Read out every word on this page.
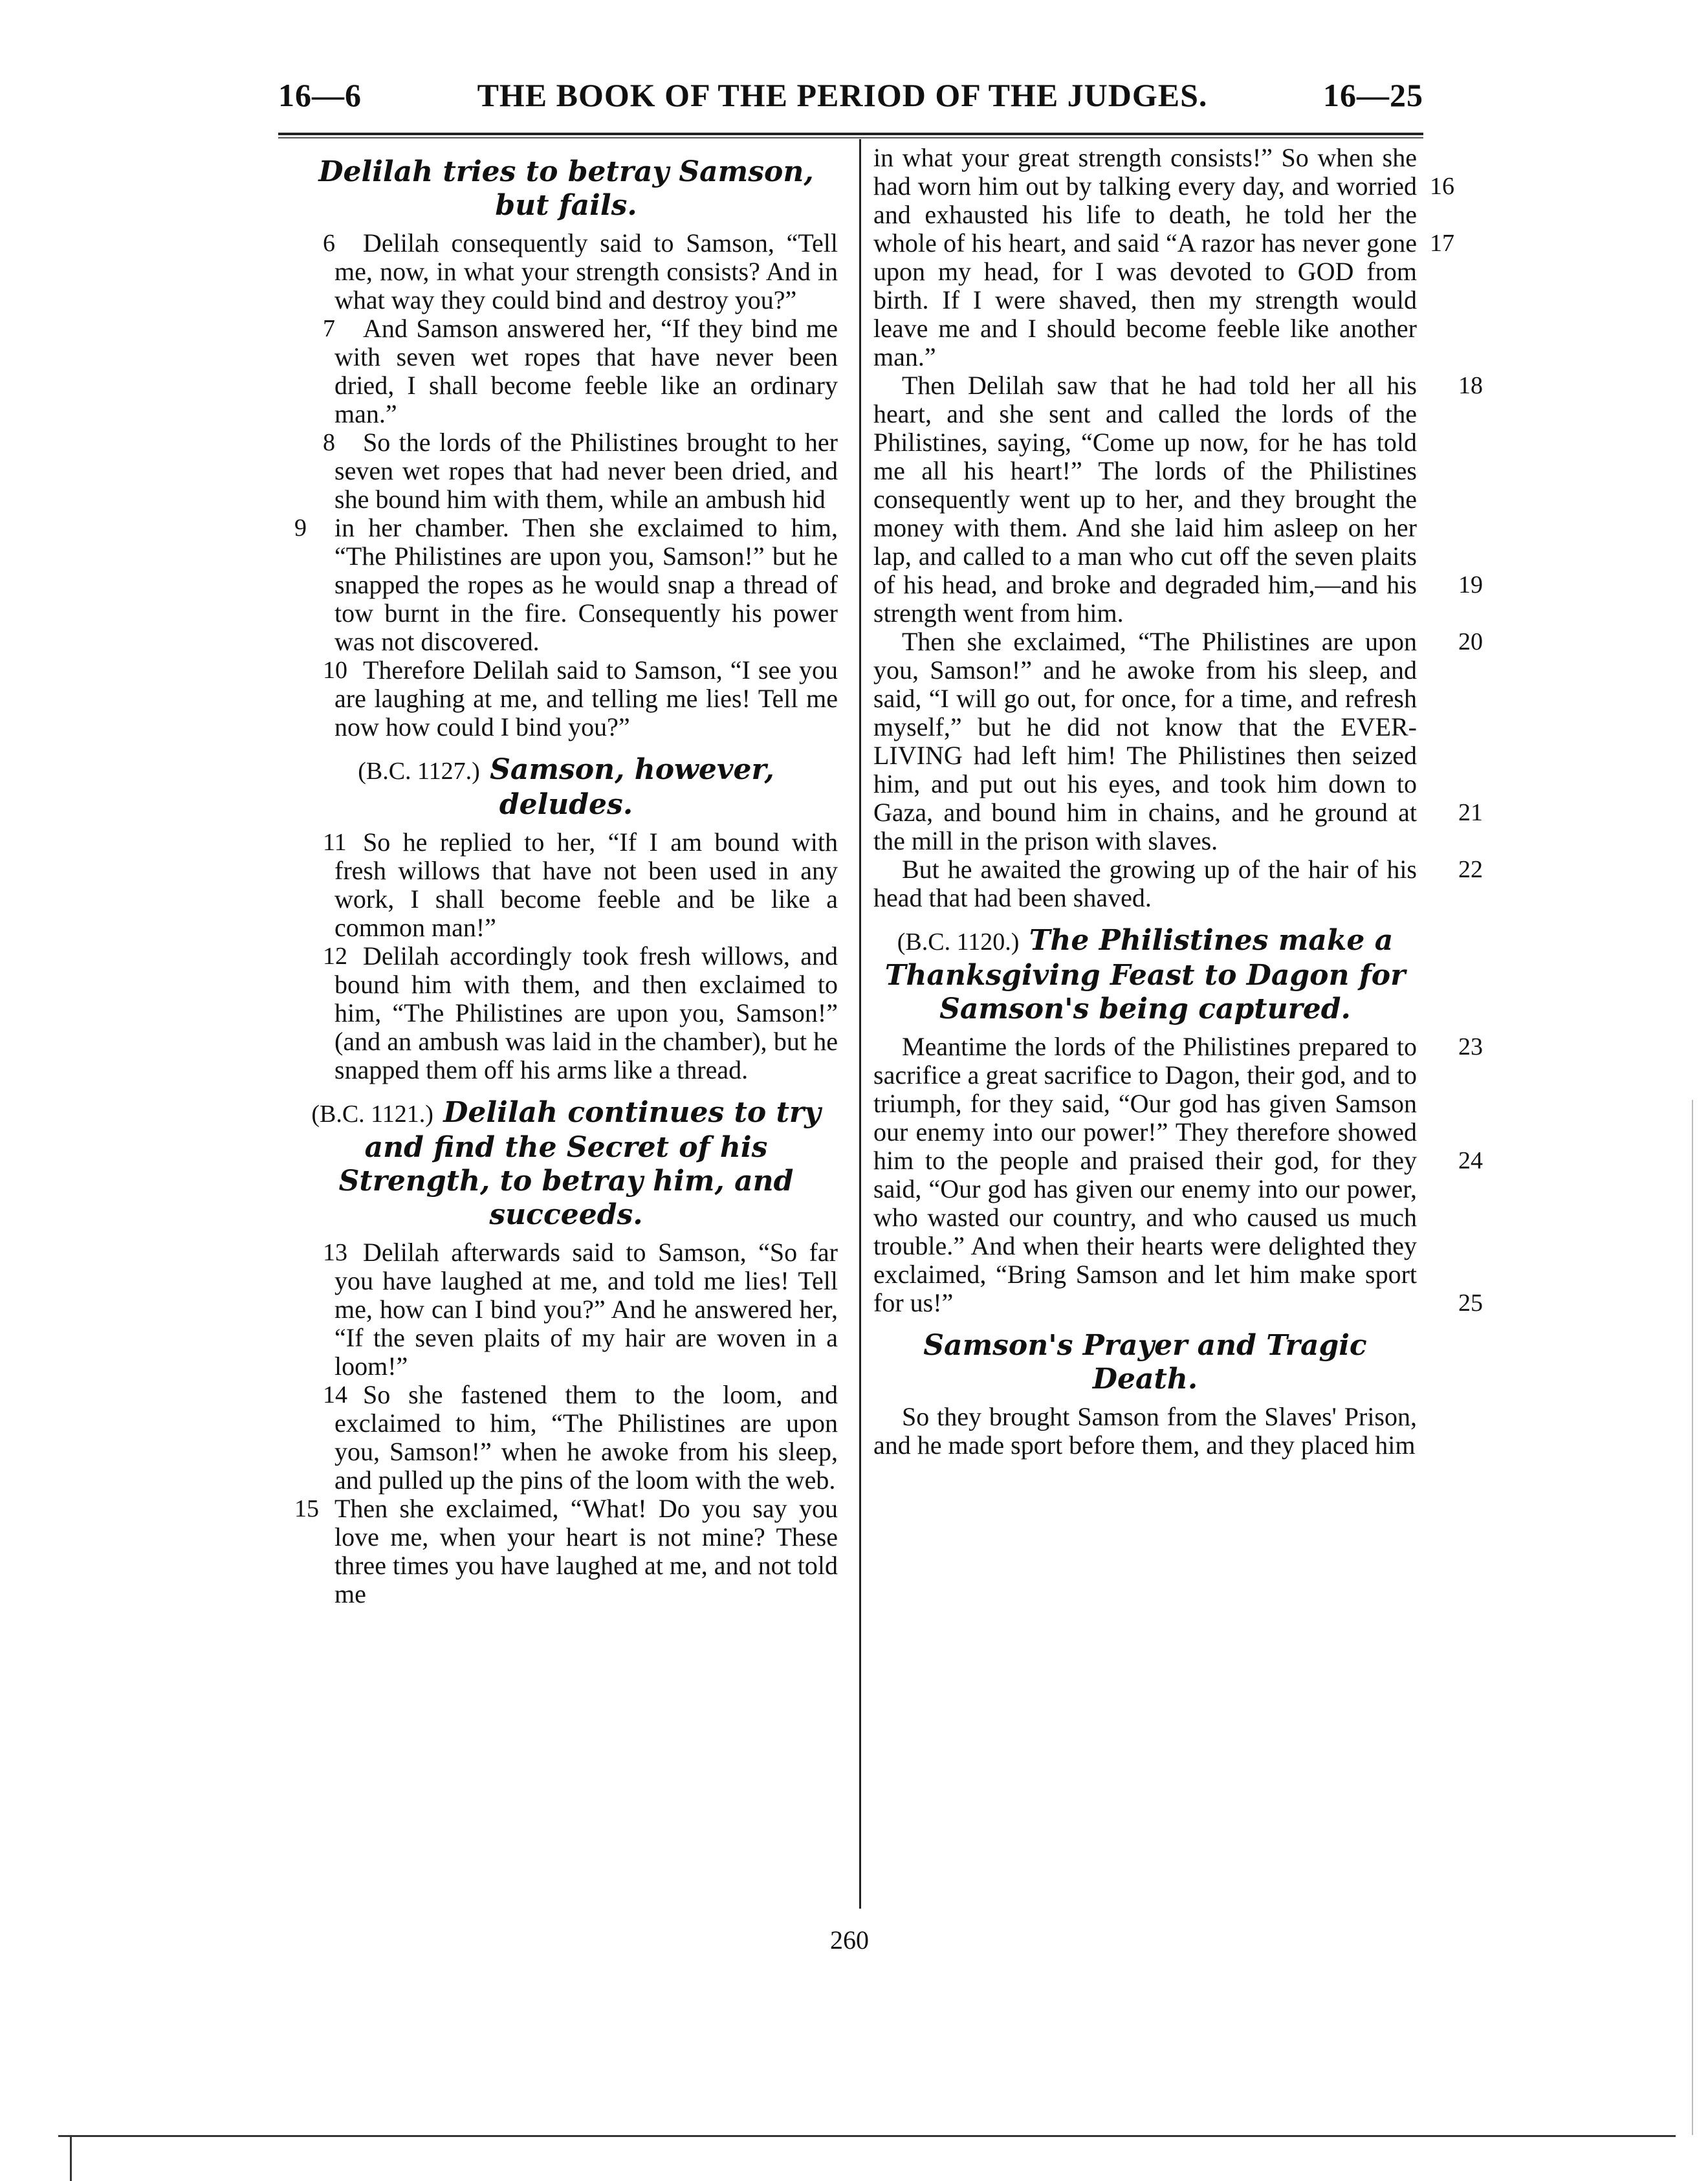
16—6	THE BOOK OF THE PERIOD OF THE JUDGES.	16—25
Delilah tries to betray Samson, but fails.

6 Delilah consequently said to Samson, “Tell me, now, in what your strength consists? And in what way they could bind and destroy you?”

7 And Samson answered her, “If they bind me with seven wet ropes that have never been dried, I shall become feeble like an ordinary man.”

8 So the lords of the Philistines brought to her seven wet ropes that had never been dried, and she bound him with them, while an ambush hid

9 in her chamber. Then she exclaimed to him, “The Philistines are upon you, Samson!” but he snapped the ropes as he would snap a thread of tow burnt in the fire. Consequently his power was not discovered.

10 Therefore Delilah said to Samson, “I see you are laughing at me, and telling me lies! Tell me now how could I bind you?”

(B.C. 1127.) Samson, however, deludes.

11 So he replied to her, “If I am bound with fresh willows that have not been used in any work, I shall become feeble and be like a common man!”

12 Delilah accordingly took fresh willows, and bound him with them, and then exclaimed to him, “The Philistines are upon you, Samson!” (and an ambush was laid in the chamber), but he snapped them off his arms like a thread.

(B.C. 1121.) Delilah continues to try and find the Secret of his Strength, to betray him, and succeeds.

13 Delilah afterwards said to Samson, “So far you have laughed at me, and told me lies! Tell me, how can I bind you?” And he answered her, “If the seven plaits of my hair are woven in a loom!”

14 So she fastened them to the loom, and exclaimed to him, “The Philistines are upon you, Samson!” when he awoke from his sleep, and pulled up the pins of the loom with the web.

15 Then she exclaimed, “What! Do you say you love me, when your heart is not mine? These three times you have laughed at me, and not told me

16
17
in what your great strength consists!” So when she had worn him out by talking every day, and worried and exhausted his life to death, he told her the whole of his heart, and said “A razor has never gone upon my head, for I was devoted to GOD from birth. If I were shaved, then my strength would leave me and I should become feeble like another man.”

18
19
Then Delilah saw that he had told her all his heart, and she sent and called the lords of the Philistines, saying, “Come up now, for he has told me all his heart!” The lords of the Philistines consequently went up to her, and they brought the money with them. And she laid him asleep on her lap, and called to a man who cut off the seven plaits of his head, and broke and degraded him,—and his strength went from him.

20
21
Then she exclaimed, “The Philistines are upon you, Samson!” and he awoke from his sleep, and said, “I will go out, for once, for a time, and refresh myself,” but he did not know that the EVER-LIVING had left him! The Philistines then seized him, and put out his eyes, and took him down to Gaza, and bound him in chains, and he ground at the mill in the prison with slaves.

22
But he awaited the growing up of the hair of his head that had been shaved.

(B.C. 1120.) The Philistines make a Thanksgiving Feast to Dagon for Samson's being captured.

23
24
25
Meantime the lords of the Philistines prepared to sacrifice a great sacrifice to Dagon, their god, and to triumph, for they said, “Our god has given Samson our enemy into our power!” They therefore showed him to the people and praised their god, for they said, “Our god has given our enemy into our power, who wasted our country, and who caused us much trouble.” And when their hearts were delighted they exclaimed, “Bring Samson and let him make sport for us!”

Samson's Prayer and Tragic Death.

So they brought Samson from the Slaves' Prison, and he made sport before them, and they placed him

260
